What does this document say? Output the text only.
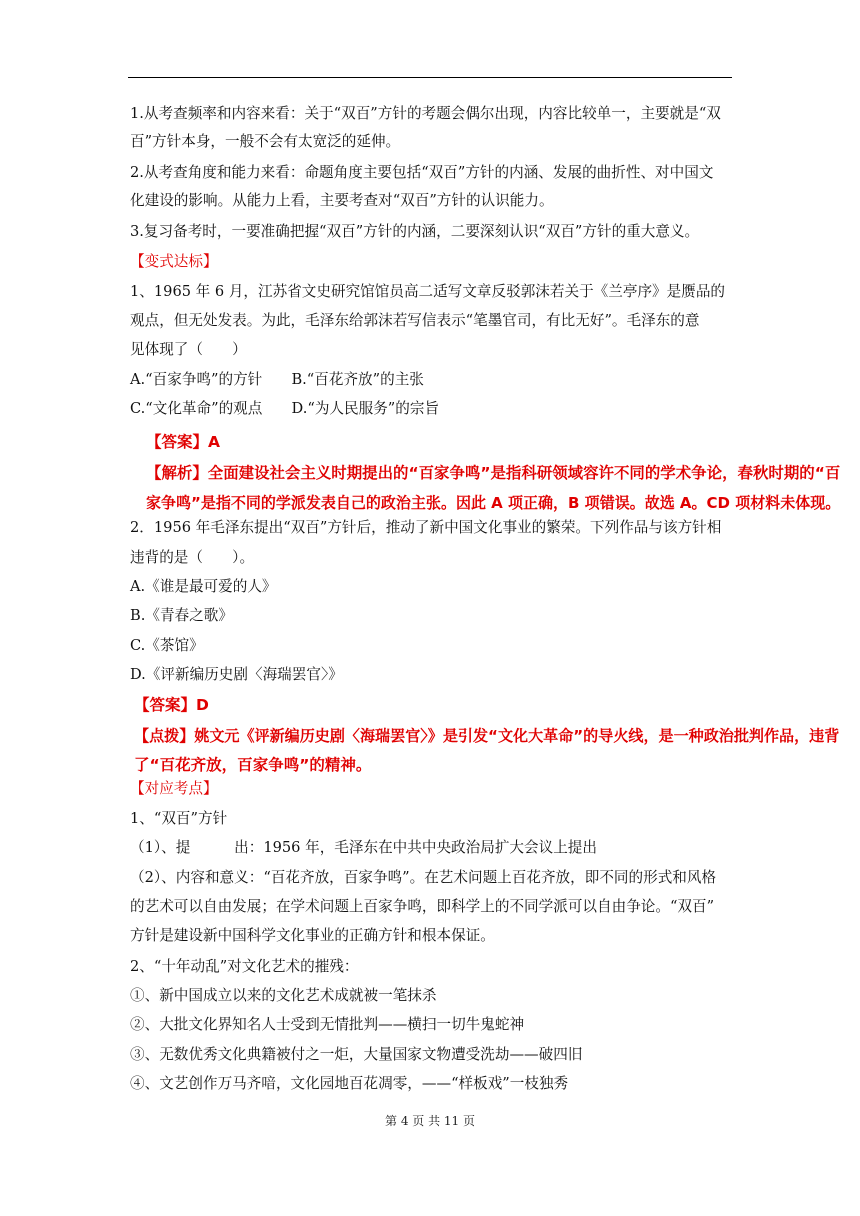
1.从考查频率和内容来看：关于“双百”方针的考题会偶尔出现，内容比较单一，主要就是“双
百”方针本身，一般不会有太宽泛的延伸。
2.从考查角度和能力来看：命题角度主要包括“双百”方针的内涵、发展的曲折性、对中国文
化建设的影响。从能力上看，主要考查对“双百”方针的认识能力。
3.复习备考时，一要准确把握“双百”方针的内涵，二要深刻认识“双百”方针的重大意义。
【变式达标】
1、1965 年 6 月，江苏省文史研究馆馆员高二适写文章反驳郭沫若关于《兰亭序》是赝品的
观点，但无处发表。为此，毛泽东给郭沫若写信表示“笔墨官司，有比无好”。毛泽东的意
见体现了（　　）
A.“百家争鸣”的方针　　B.“百花齐放”的主张
C.“文化革命”的观点　　D.“为人民服务”的宗旨
【答案】A
【解析】全面建设社会主义时期提出的“百家争鸣”是指科研领域容许不同的学术争论，春秋时期的“百
家争鸣”是指不同的学派发表自己的政治主张。因此 A 项正确，B 项错误。故选 A。CD 项材料未体现。
2．1956 年毛泽东提出“双百”方针后，推动了新中国文化事业的繁荣。下列作品与该方针相
违背的是（　　）。
A.《谁是最可爱的人》
B.《青春之歌》
C.《茶馆》
D.《评新编历史剧〈海瑞罢官〉》
【答案】D
【点拨】姚文元《评新编历史剧〈海瑞罢官〉》是引发“文化大革命”的导火线，是一种政治批判作品，违背
了“百花齐放，百家争鸣”的精神。
【对应考点】
1、“双百”方针
（1）、提　　　出：1956 年，毛泽东在中共中央政治局扩大会议上提出
（2）、内容和意义：“百花齐放，百家争鸣”。在艺术问题上百花齐放，即不同的形式和风格
的艺术可以自由发展；在学术问题上百家争鸣，即科学上的不同学派可以自由争论。“双百”
方针是建设新中国科学文化事业的正确方针和根本保证。
2、“十年动乱”对文化艺术的摧残：
①、新中国成立以来的文化艺术成就被一笔抹杀
②、大批文化界知名人士受到无情批判——横扫一切牛鬼蛇神
③、无数优秀文化典籍被付之一炬，大量国家文物遭受洗劫——破四旧
④、文艺创作万马齐喑，文化园地百花凋零，——“样板戏”一枝独秀
第 4 页 共 11 页
